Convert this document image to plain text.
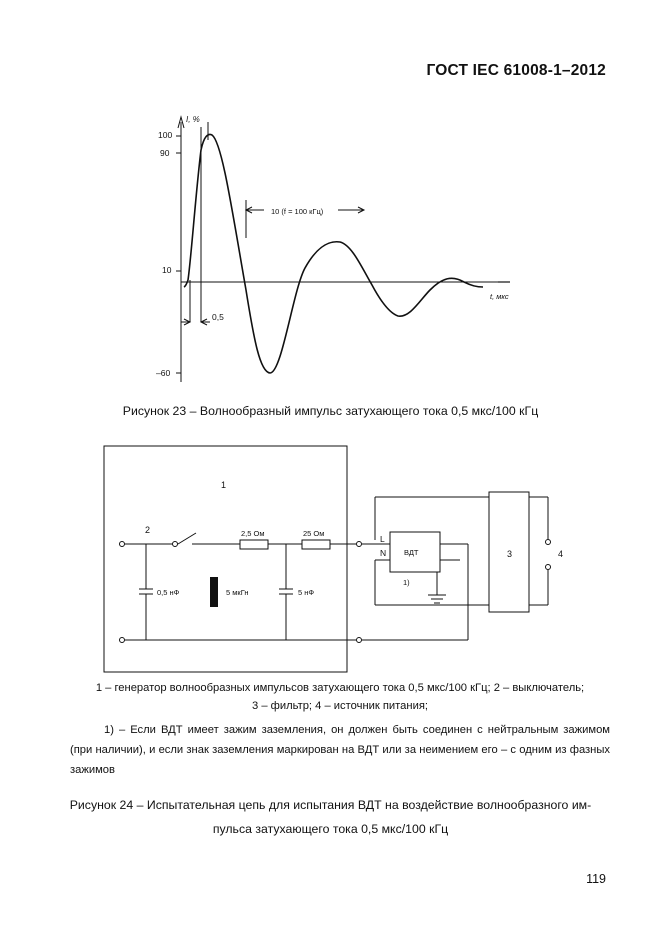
ГОСТ IEC 61008-1–2012
I, %
100
90
10
–60
t, мкс
10 (f = 100 кГц)
0,5
Рисунок 23 – Волнообразный импульс затухающего тока 0,5 мкс/100 кГц
1
2
0,5 нФ	5 мкГн
2,5 Ом	25 Ом
5 нФ
L
N ВДТ
1)
3	4
1 – генератор волнообразных импульсов затухающего тока 0,5 мкс/100 кГц; 2 – выключатель;
3 – фильтр; 4 – источник питания;
1) – Если ВДТ имеет зажим заземления, он должен быть соединен с нейтральным зажимом (при наличии), и если знак заземления маркирован на ВДТ или за неимением его – с одним из фазных зажимов
Рисунок 24 – Испытательная цепь для испытания ВДТ на воздействие волнообразного им-
пульса затухающего тока 0,5 мкс/100 кГц
119
